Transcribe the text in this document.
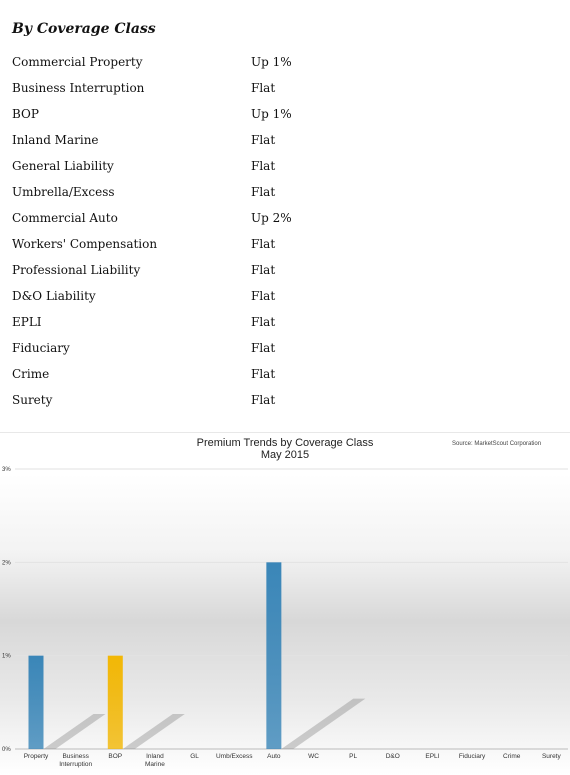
By Coverage Class
Commercial Property	Up 1%
Business Interruption	Flat
BOP	Up 1%
Inland Marine	Flat
General Liability	Flat
Umbrella/Excess	Flat
Commercial Auto	Up 2%
Workers' Compensation	Flat
Professional Liability	Flat
D&O Liability	Flat
EPLI	Flat
Fiduciary	Flat
Crime	Flat
Surety	Flat
Premium Trends by Coverage Class
May 2015
Source: MarketScout Corporation
0%
1%
2%
3%
Property	Business Interruption
BOP	Inland Marine
GL	Umb/Excess Auto	WC	PL	D&O	EPLI	Fiduciary	Crime	Surety
